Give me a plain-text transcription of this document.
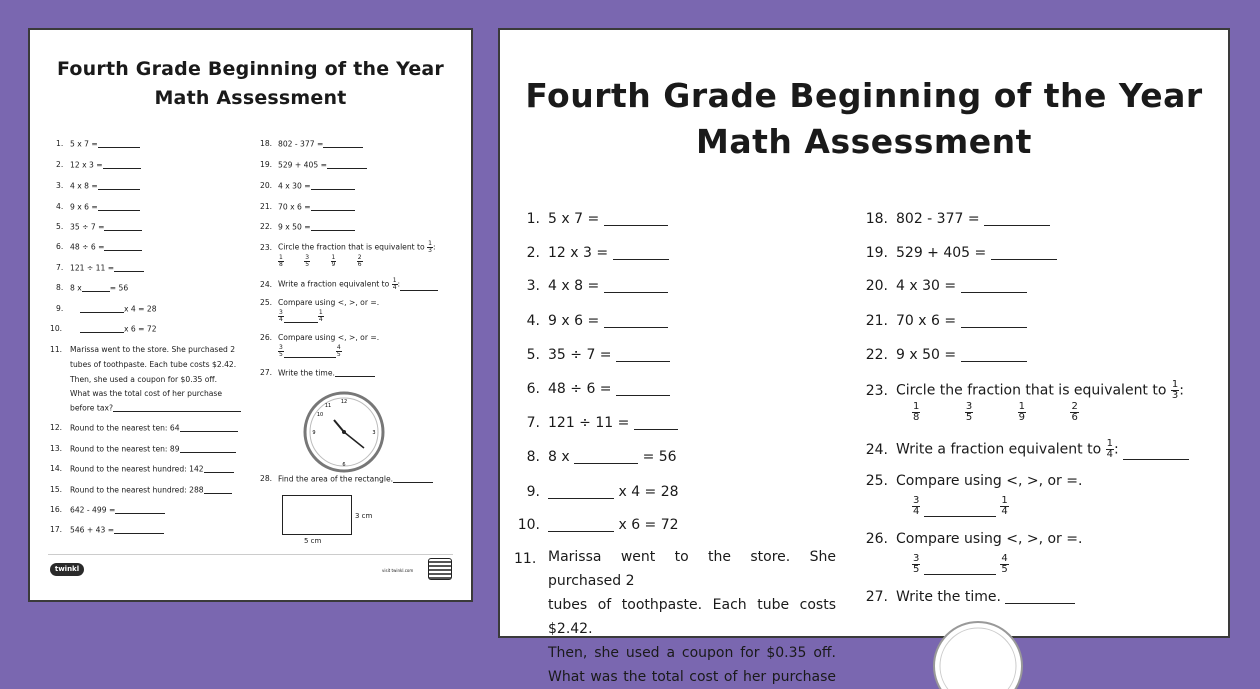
Fourth Grade Beginning of the Year
Math Assessment
1. 5 x 7 =
2. 12 x 3 =
3. 4 x 8 =
4. 9 x 6 =
5. 35 ÷ 7 =
6. 48 ÷ 6 =
7. 121 ÷ 11 =
8. 8 x	= 56
9.	x 4 = 28
10.	x 6 = 72
11. Marissa went to the store. She purchased 2
tubes of toothpaste. Each tube costs $2.42.
Then, she used a coupon for $0.35 off.
What was the total cost of her purchase
before tax?
12. Round to the nearest ten: 64
13. Round to the nearest ten: 89
14. Round to the nearest hundred: 142
15. Round to the nearest hundred: 288
16. 642 - 499 =
17. 546 + 43 =
18. 802 - 377 =
19. 529 + 405 =
20. 4 x 30 =
21. 70 x 6 =
22. 9 x 50 =
23. Circle the fraction that is equivalent to $\frac{1}{3}$ :
$\frac{1}{8}$
	$\frac{3}{5}$
	$\frac{1}{9}$
	$\frac{2}{6}$
24. Write a fraction equivalent to $\frac{1}{4}$ :
25. Compare using <, >, or =.
$\frac{3}{4}$	$\frac{1}{4}$
26. Compare using <, >, or =.
$\frac{3}{5}$	$\frac{4}{5}$
27. Write the time.
12
3
6
9
10
11
28. Find the area of the rectangle.
3 cm
5 cm
twinkl	visit twinkl.com
Fourth Grade Beginning of the Year
Math Assessment
1. 5 x 7 =
2. 12 x 3 =
3. 4 x 8 =
4. 9 x 6 =
5. 35 ÷ 7 =
6. 48 ÷ 6 =
7. 121 ÷ 11 =
8. 8 x	= 56
9.	x 4 = 28
10.	x 6 = 72
11. Marissa went to the store. She purchased 2
tubes of toothpaste. Each tube costs $2.42.
Then, she used a coupon for $0.35 off.
What was the total cost of her purchase
18. 802 - 377 =
19. 529 + 405 =
20. 4 x 30 =
21. 70 x 6 =
22. 9 x 50 =
23. Circle the fraction that is equivalent to $\frac{1}{3}$ :
$\frac{1}{8}$
	$\frac{3}{5}$
	$\frac{1}{9}$
	$\frac{2}{6}$
24. Write a fraction equivalent to $\frac{1}{4}$ :
25. Compare using <, >, or =.
$\frac{3}{4}$	$\frac{1}{4}$
26. Compare using <, >, or =.
$\frac{3}{5}$	$\frac{4}{5}$
27. Write the time.
